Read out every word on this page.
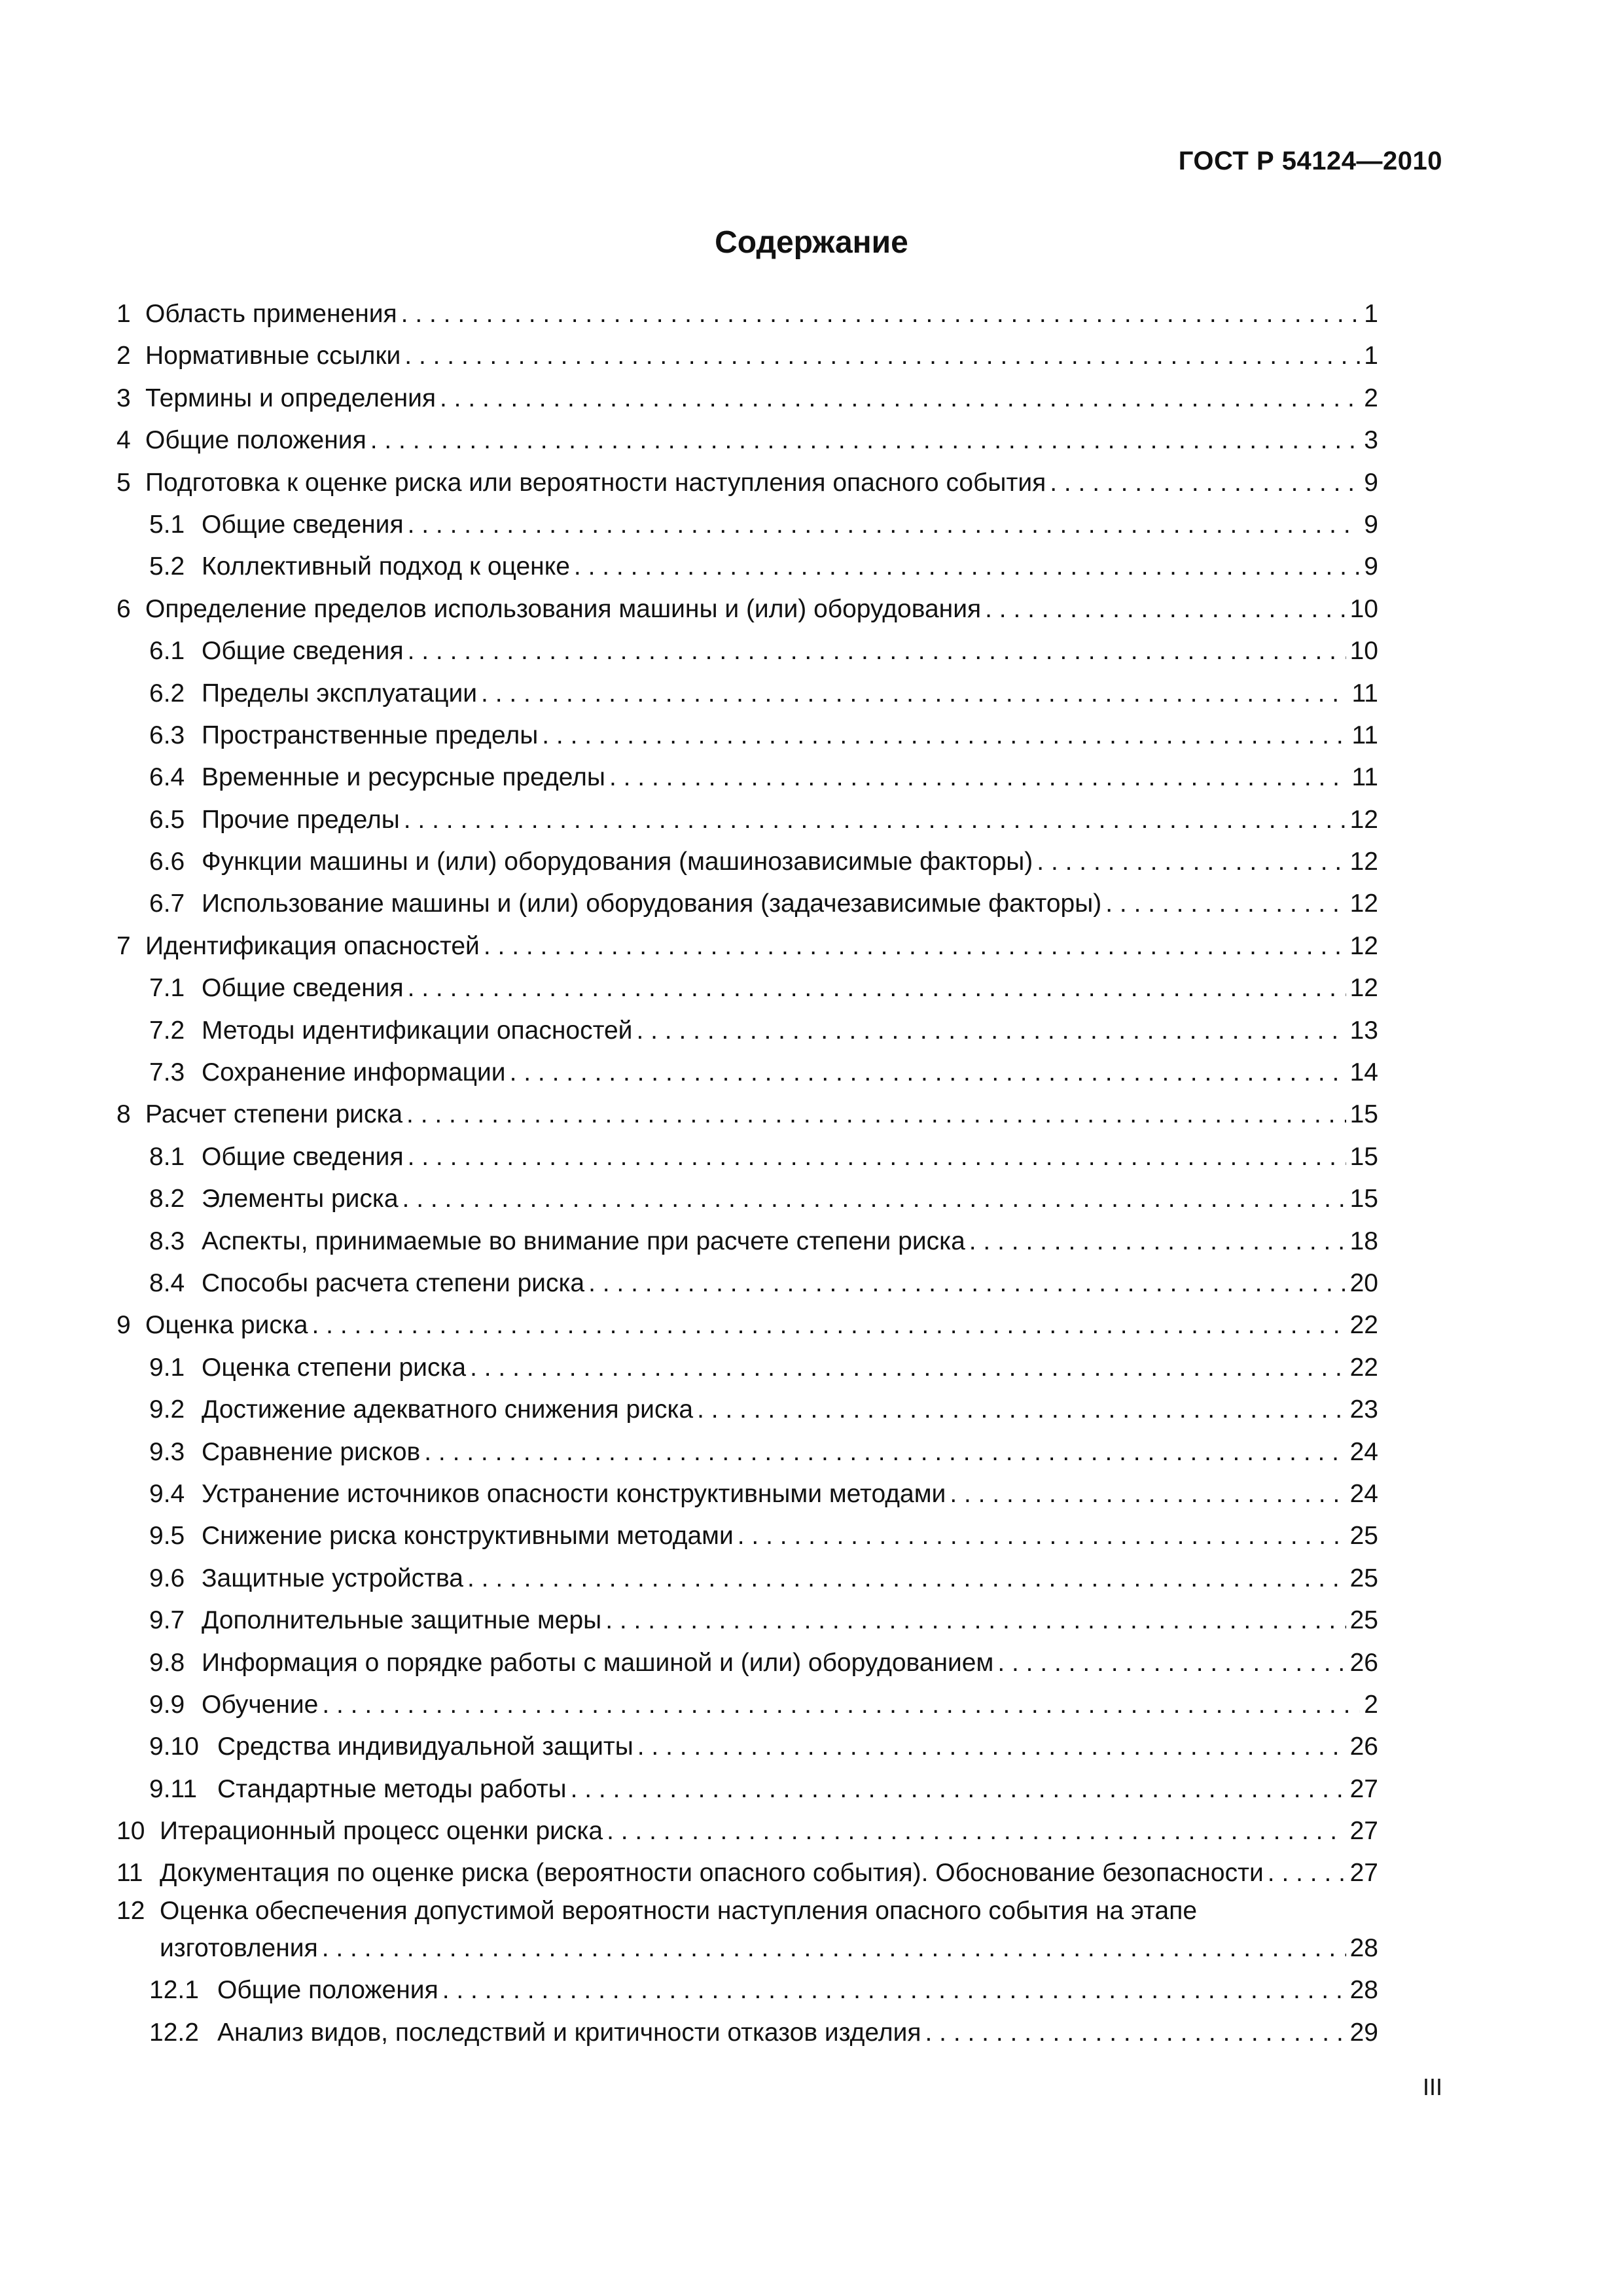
ГОСТ Р 54124—2010
Содержание
1 Область применения . . .	1
2 Нормативные ссылки . . .	1
3 Термины и определения . . .	2
4 Общие положения . . .	3
5 Подготовка к оценке риска или вероятности наступления опасного события . . .	9
5.1 Общие сведения . . .	9
5.2 Коллективный подход к оценке . . .	9
6 Определение пределов использования машины и (или) оборудования . . .	10
6.1 Общие сведения . . .	10
6.2 Пределы эксплуатации . . .	11
6.3 Пространственные пределы . . .	11
6.4 Временные и ресурсные пределы . . .	11
6.5 Прочие пределы . . .	12
6.6 Функции машины и (или) оборудования (машинозависимые факторы) . . .	12
6.7 Использование машины и (или) оборудования (задачезависимые факторы) . . .	12
7 Идентификация опасностей . . .	12
7.1 Общие сведения . . .	12
7.2 Методы идентификации опасностей . . .	13
7.3 Сохранение информации . . .	14
8 Расчет степени риска . . .	15
8.1 Общие сведения . . .	15
8.2 Элементы риска . . .	15
8.3 Аспекты, принимаемые во внимание при расчете степени риска . . .	18
8.4 Способы расчета степени риска . . .	20
9 Оценка риска . . .	22
9.1 Оценка степени риска . . .	22
9.2 Достижение адекватного снижения риска . . .	23
9.3 Сравнение рисков . . .	24
9.4 Устранение источников опасности конструктивными методами . . .	24
9.5 Снижение риска конструктивными методами . . .	25
9.6 Защитные устройства . . .	25
9.7 Дополнительные защитные меры . . .	25
9.8 Информация о порядке работы с машиной и (или) оборудованием . . .	26
9.9 Обучение . . .	2
9.10 Средства индивидуальной защиты . . .	26
9.11 Стандартные методы работы . . .	27
10 Итерационный процесс оценки риска . . .	27
11 Документация по оценке риска (вероятности опасного события). Обоснование безопасности . . .	27
12 Оценка обеспечения допустимой вероятности наступления опасного события на этапе
изготовления . . .	28
12.1 Общие положения . . .	28
12.2 Анализ видов, последствий и критичности отказов изделия . . .	29
III
